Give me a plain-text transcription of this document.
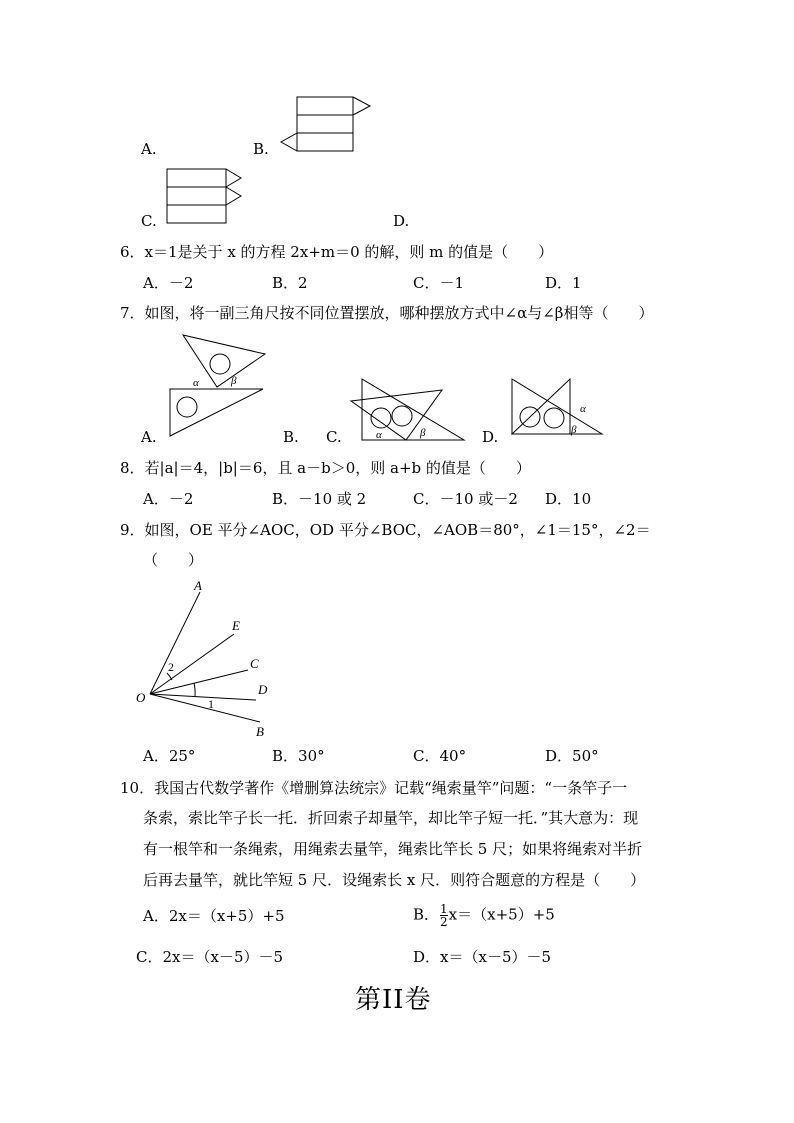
A.	B.
C.	D.
6．x＝1是关于 x 的方程 2x+m＝0 的解，则 m 的值是（　　）
A．－2	B．2	C．－1	D．1
7．如图，将一副三角尺按不同位置摆放，哪种摆放方式中∠α与∠β相等（　　）
α	β
A.	B.	α	β
C.	D.
α
β
8．若|a|＝4，|b|＝6，且 a－b＞0，则 a+b 的值是（　　）
A．－2	B．－10 或 2	C．－10 或－2 D．10
9．如图，OE 平分∠AOC，OD 平分∠BOC，∠AOB＝80°，∠1＝15°，∠2＝
（　　）
A
E
C
D
O
B
1
2
A．25°	B．30°	C．40°	D．50°
10．我国古代数学著作《增删算法统宗》记载“绳索量竿”问题：“一条竿子一
条索，索比竿子长一托．折回索子却量竿，却比竿子短一托．”其大意为：现
有一根竿和一条绳索，用绳索去量竿，绳索比竿长 5 尺；如果将绳索对半折
后再去量竿，就比竿短 5 尺．设绳索长 x 尺．则符合题意的方程是（　　）
A．2x＝（x+5）+5	B． $\frac{1}{2} x=(x+5)+5$
C．2x＝（x－5）－5	D．x＝（x－5）－5
第II卷
